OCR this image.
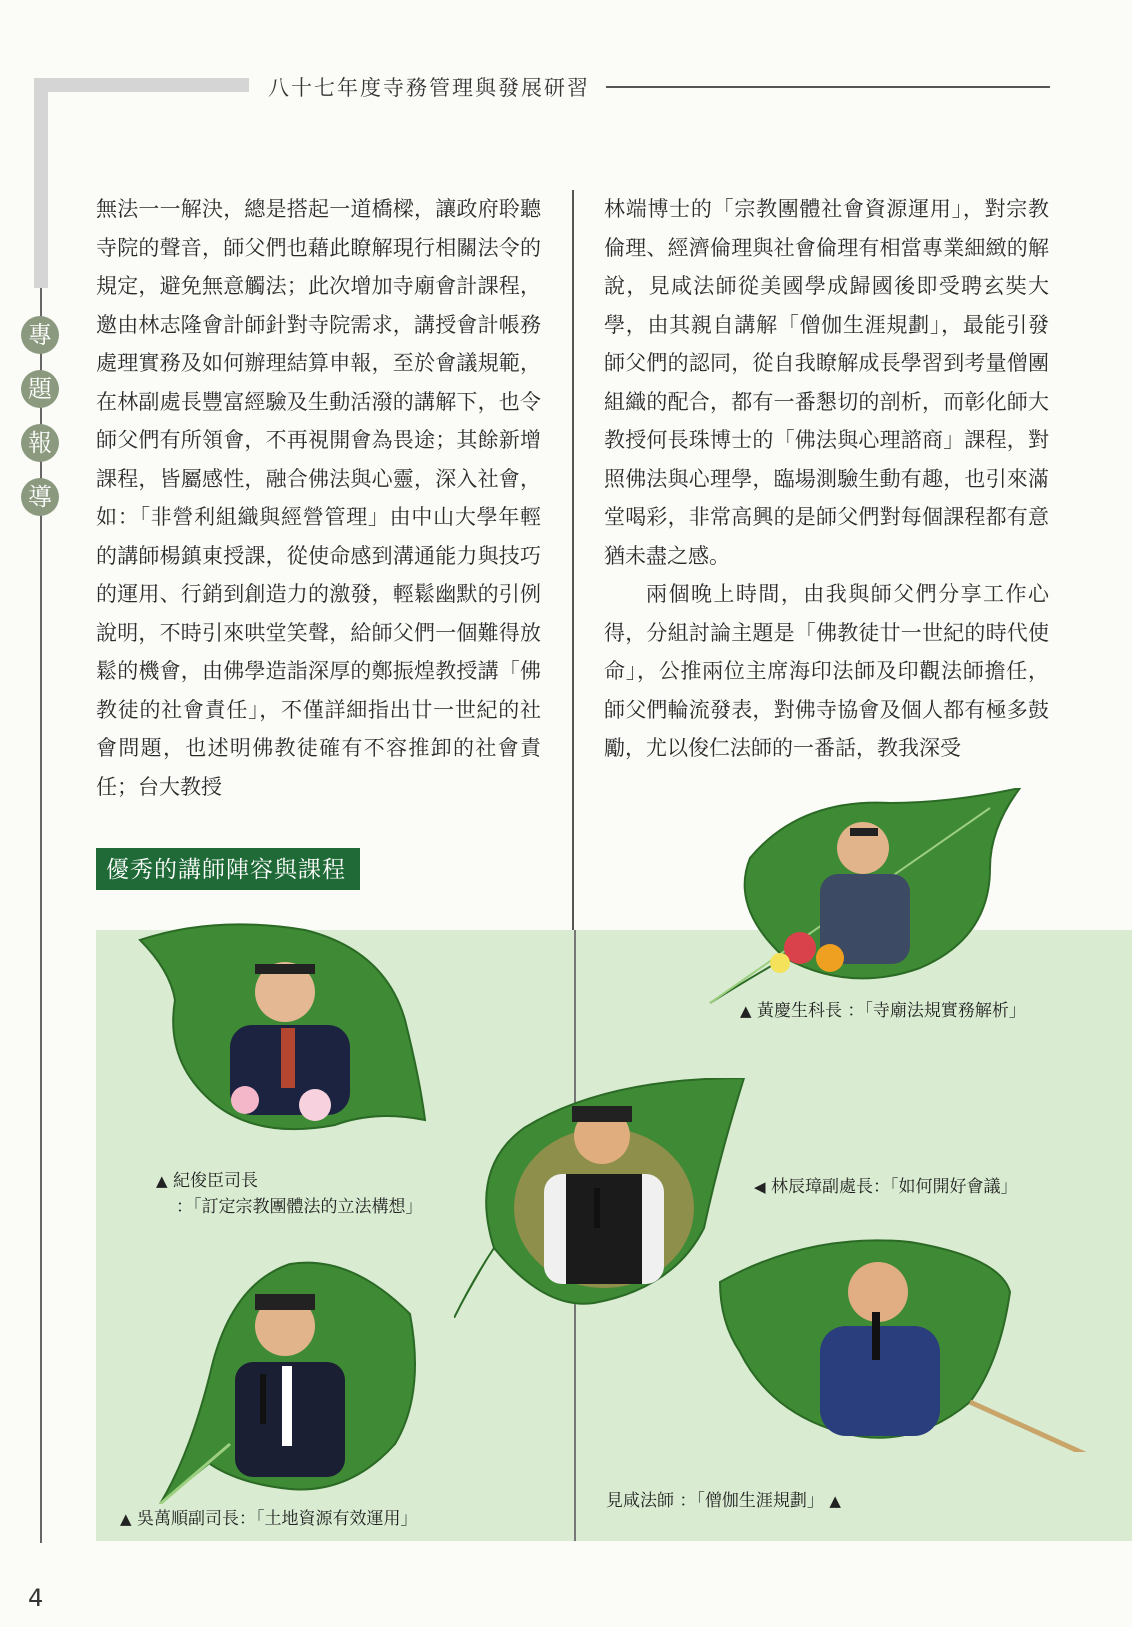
八十七年度寺務管理與發展研習
專
題
報
導

無法一一解決，總是搭起一道橋樑，讓政府聆聽寺院的聲音，師父們也藉此瞭解現行相關法令的規定，避免無意觸法；此次增加寺廟會計課程，邀由林志隆會計師針對寺院需求，講授會計帳務處理實務及如何辦理結算申報，至於會議規範，在林副處長豐富經驗及生動活潑的講解下，也令師父們有所領會，不再視開會為畏途；其餘新增課程，皆屬感性，融合佛法與心靈，深入社會，如：「非營利組織與經營管理」由中山大學年輕的講師楊鎮東授課，從使命感到溝通能力與技巧的運用、行銷到創造力的激發，輕鬆幽默的引例說明，不時引來哄堂笑聲，給師父們一個難得放鬆的機會，由佛學造詣深厚的鄭振煌教授講「佛教徒的社會責任」，不僅詳細指出廿一世紀的社會問題，也述明佛教徒確有不容推卸的社會責任；台大教授

林端博士的「宗教團體社會資源運用」，對宗教倫理、經濟倫理與社會倫理有相當專業細緻的解說，見咸法師從美國學成歸國後即受聘玄奘大學，由其親自講解「僧伽生涯規劃」，最能引發師父們的認同，從自我瞭解成長學習到考量僧團組織的配合，都有一番懇切的剖析，而彰化師大教授何長珠博士的「佛法與心理諮商」課程，對照佛法與心理學，臨場測驗生動有趣，也引來滿堂喝彩，非常高興的是師父們對每個課程都有意猶未盡之感。

兩個晚上時間，由我與師父們分享工作心得，分組討論主題是「佛教徒廿一世紀的時代使命」，公推兩位主席海印法師及印觀法師擔任，師父們輪流發表，對佛寺協會及個人都有極多鼓勵，尤以俊仁法師的一番話，教我深受

優秀的講師陣容與課程
▲ 黃慶生科長 ：「寺廟法規實務解析」
▲ 紀俊臣司長
：「訂定宗教團體法的立法構想」
◀ 林辰璋副處長：「如何開好會議」
▲ 吳萬順副司長：「土地資源有效運用」
見咸法師 ：「僧伽生涯規劃」 ▲
4
